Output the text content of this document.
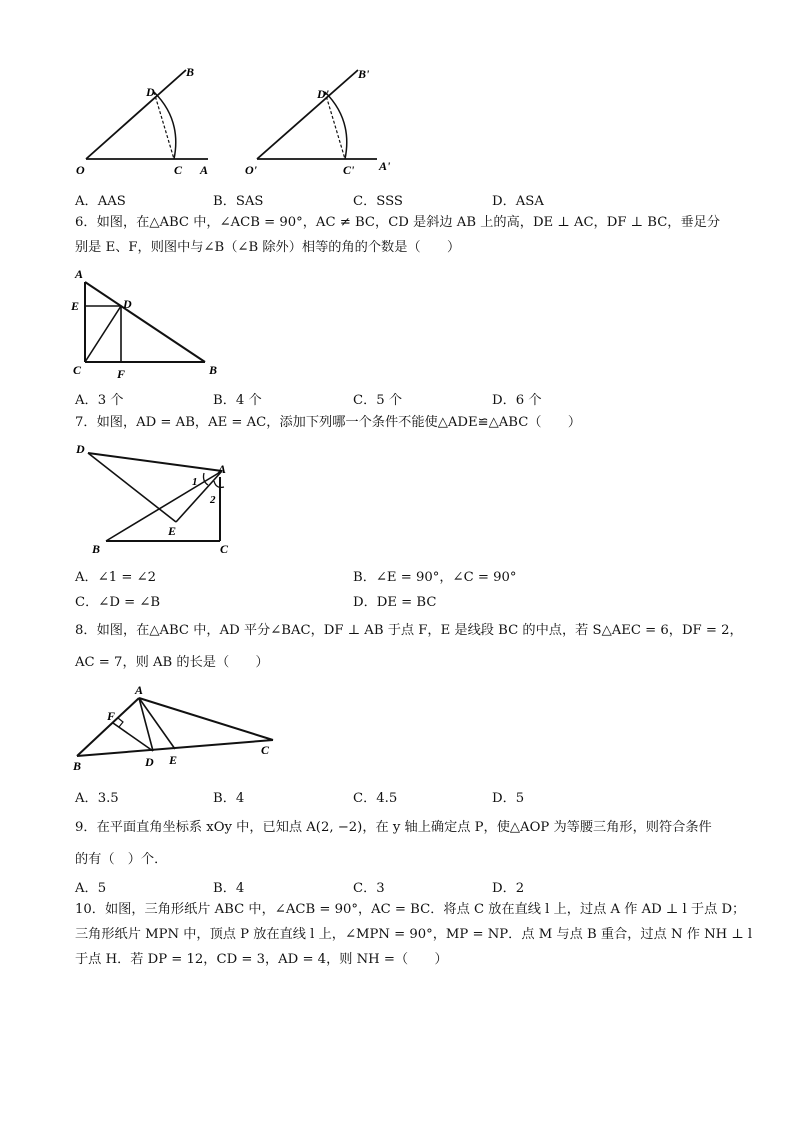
O	C A
D
B
O'	C' A'
D'
B'
A．AAS	B．SAS	C．SSS	D．ASA
6．如图，在△ABC 中，∠ACB = 90°，AC ≠ BC，CD 是斜边 AB 上的高，DE ⊥ AC，DF ⊥ BC，垂足分
别是 E、F，则图中与∠B（∠B 除外）相等的角的个数是（　　）
A
E	D
C	F	B
A．3 个	B．4 个	C．5 个	D．6 个
7．如图，AD = AB，AE = AC，添加下列哪一个条件不能使△ADE≌△ABC（　　）
D
A
1
2
E
B	C
A．∠1 = ∠2	B．∠E = 90°，∠C = 90°
C．∠D = ∠B	D．DE = BC
8．如图，在△ABC 中，AD 平分∠BAC，DF ⊥ AB 于点 F，E 是线段 BC 的中点，若 S△AEC = 6，DF = 2，
AC = 7，则 AB 的长是（　　）
A
F
B	D E
C
A．3.5	B．4	C．4.5	D．5
9．在平面直角坐标系 xOy 中，已知点 A(2, −2)，在 y 轴上确定点 P，使△AOP 为等腰三角形，则符合条件
的有（　）个．
A．5	B．4	C．3	D．2
10．如图，三角形纸片 ABC 中，∠ACB = 90°，AC = BC．将点 C 放在直线 l 上，过点 A 作 AD ⊥ l 于点 D；
三角形纸片 MPN 中，顶点 P 放在直线 l 上，∠MPN = 90°，MP = NP．点 M 与点 B 重合，过点 N 作 NH ⊥ l
于点 H．若 DP = 12，CD = 3，AD = 4，则 NH =（　　）
